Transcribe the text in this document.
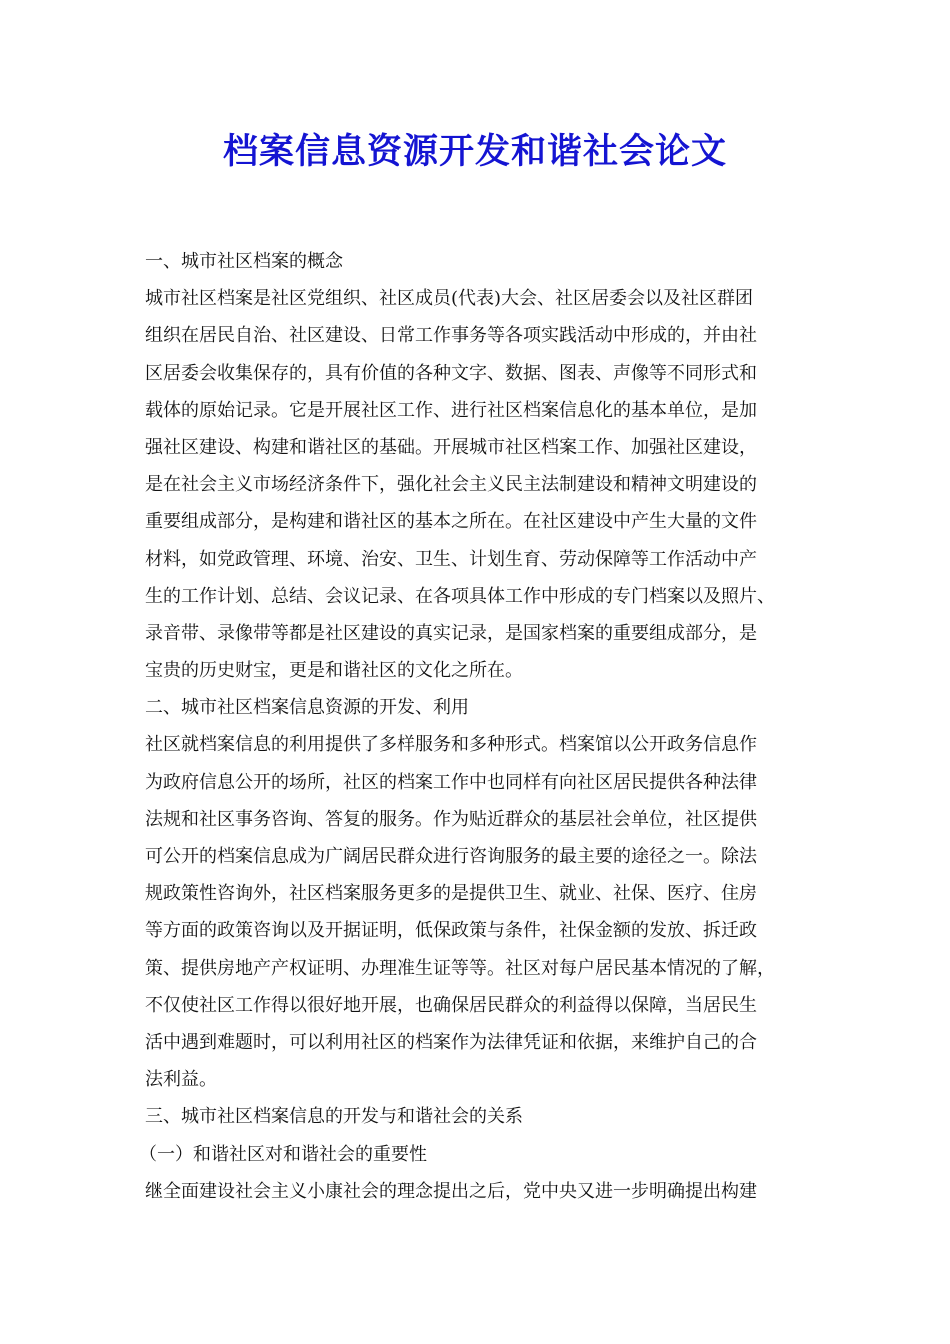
档案信息资源开发和谐社会论文
一、城市社区档案的概念
城市社区档案是社区党组织、社区成员(代表)大会、社区居委会以及社区群团
组织在居民自治、社区建设、日常工作事务等各项实践活动中形成的，并由社
区居委会收集保存的，具有价值的各种文字、数据、图表、声像等不同形式和
载体的原始记录。它是开展社区工作、进行社区档案信息化的基本单位，是加
强社区建设、构建和谐社区的基础。开展城市社区档案工作、加强社区建设，
是在社会主义市场经济条件下，强化社会主义民主法制建设和精神文明建设的
重要组成部分，是构建和谐社区的基本之所在。在社区建设中产生大量的文件
材料，如党政管理、环境、治安、卫生、计划生育、劳动保障等工作活动中产
生的工作计划、总结、会议记录、在各项具体工作中形成的专门档案以及照片、
录音带、录像带等都是社区建设的真实记录，是国家档案的重要组成部分，是
宝贵的历史财宝，更是和谐社区的文化之所在。
二、城市社区档案信息资源的开发、利用
社区就档案信息的利用提供了多样服务和多种形式。档案馆以公开政务信息作
为政府信息公开的场所，社区的档案工作中也同样有向社区居民提供各种法律
法规和社区事务咨询、答复的服务。作为贴近群众的基层社会单位，社区提供
可公开的档案信息成为广阔居民群众进行咨询服务的最主要的途径之一。除法
规政策性咨询外，社区档案服务更多的是提供卫生、就业、社保、医疗、住房
等方面的政策咨询以及开据证明，低保政策与条件，社保金额的发放、拆迁政
策、提供房地产产权证明、办理准生证等等。社区对每户居民基本情况的了解，
不仅使社区工作得以很好地开展，也确保居民群众的利益得以保障，当居民生
活中遇到难题时，可以利用社区的档案作为法律凭证和依据，来维护自己的合
法利益。
三、城市社区档案信息的开发与和谐社会的关系
（一）和谐社区对和谐社会的重要性
继全面建设社会主义小康社会的理念提出之后，党中央又进一步明确提出构建
